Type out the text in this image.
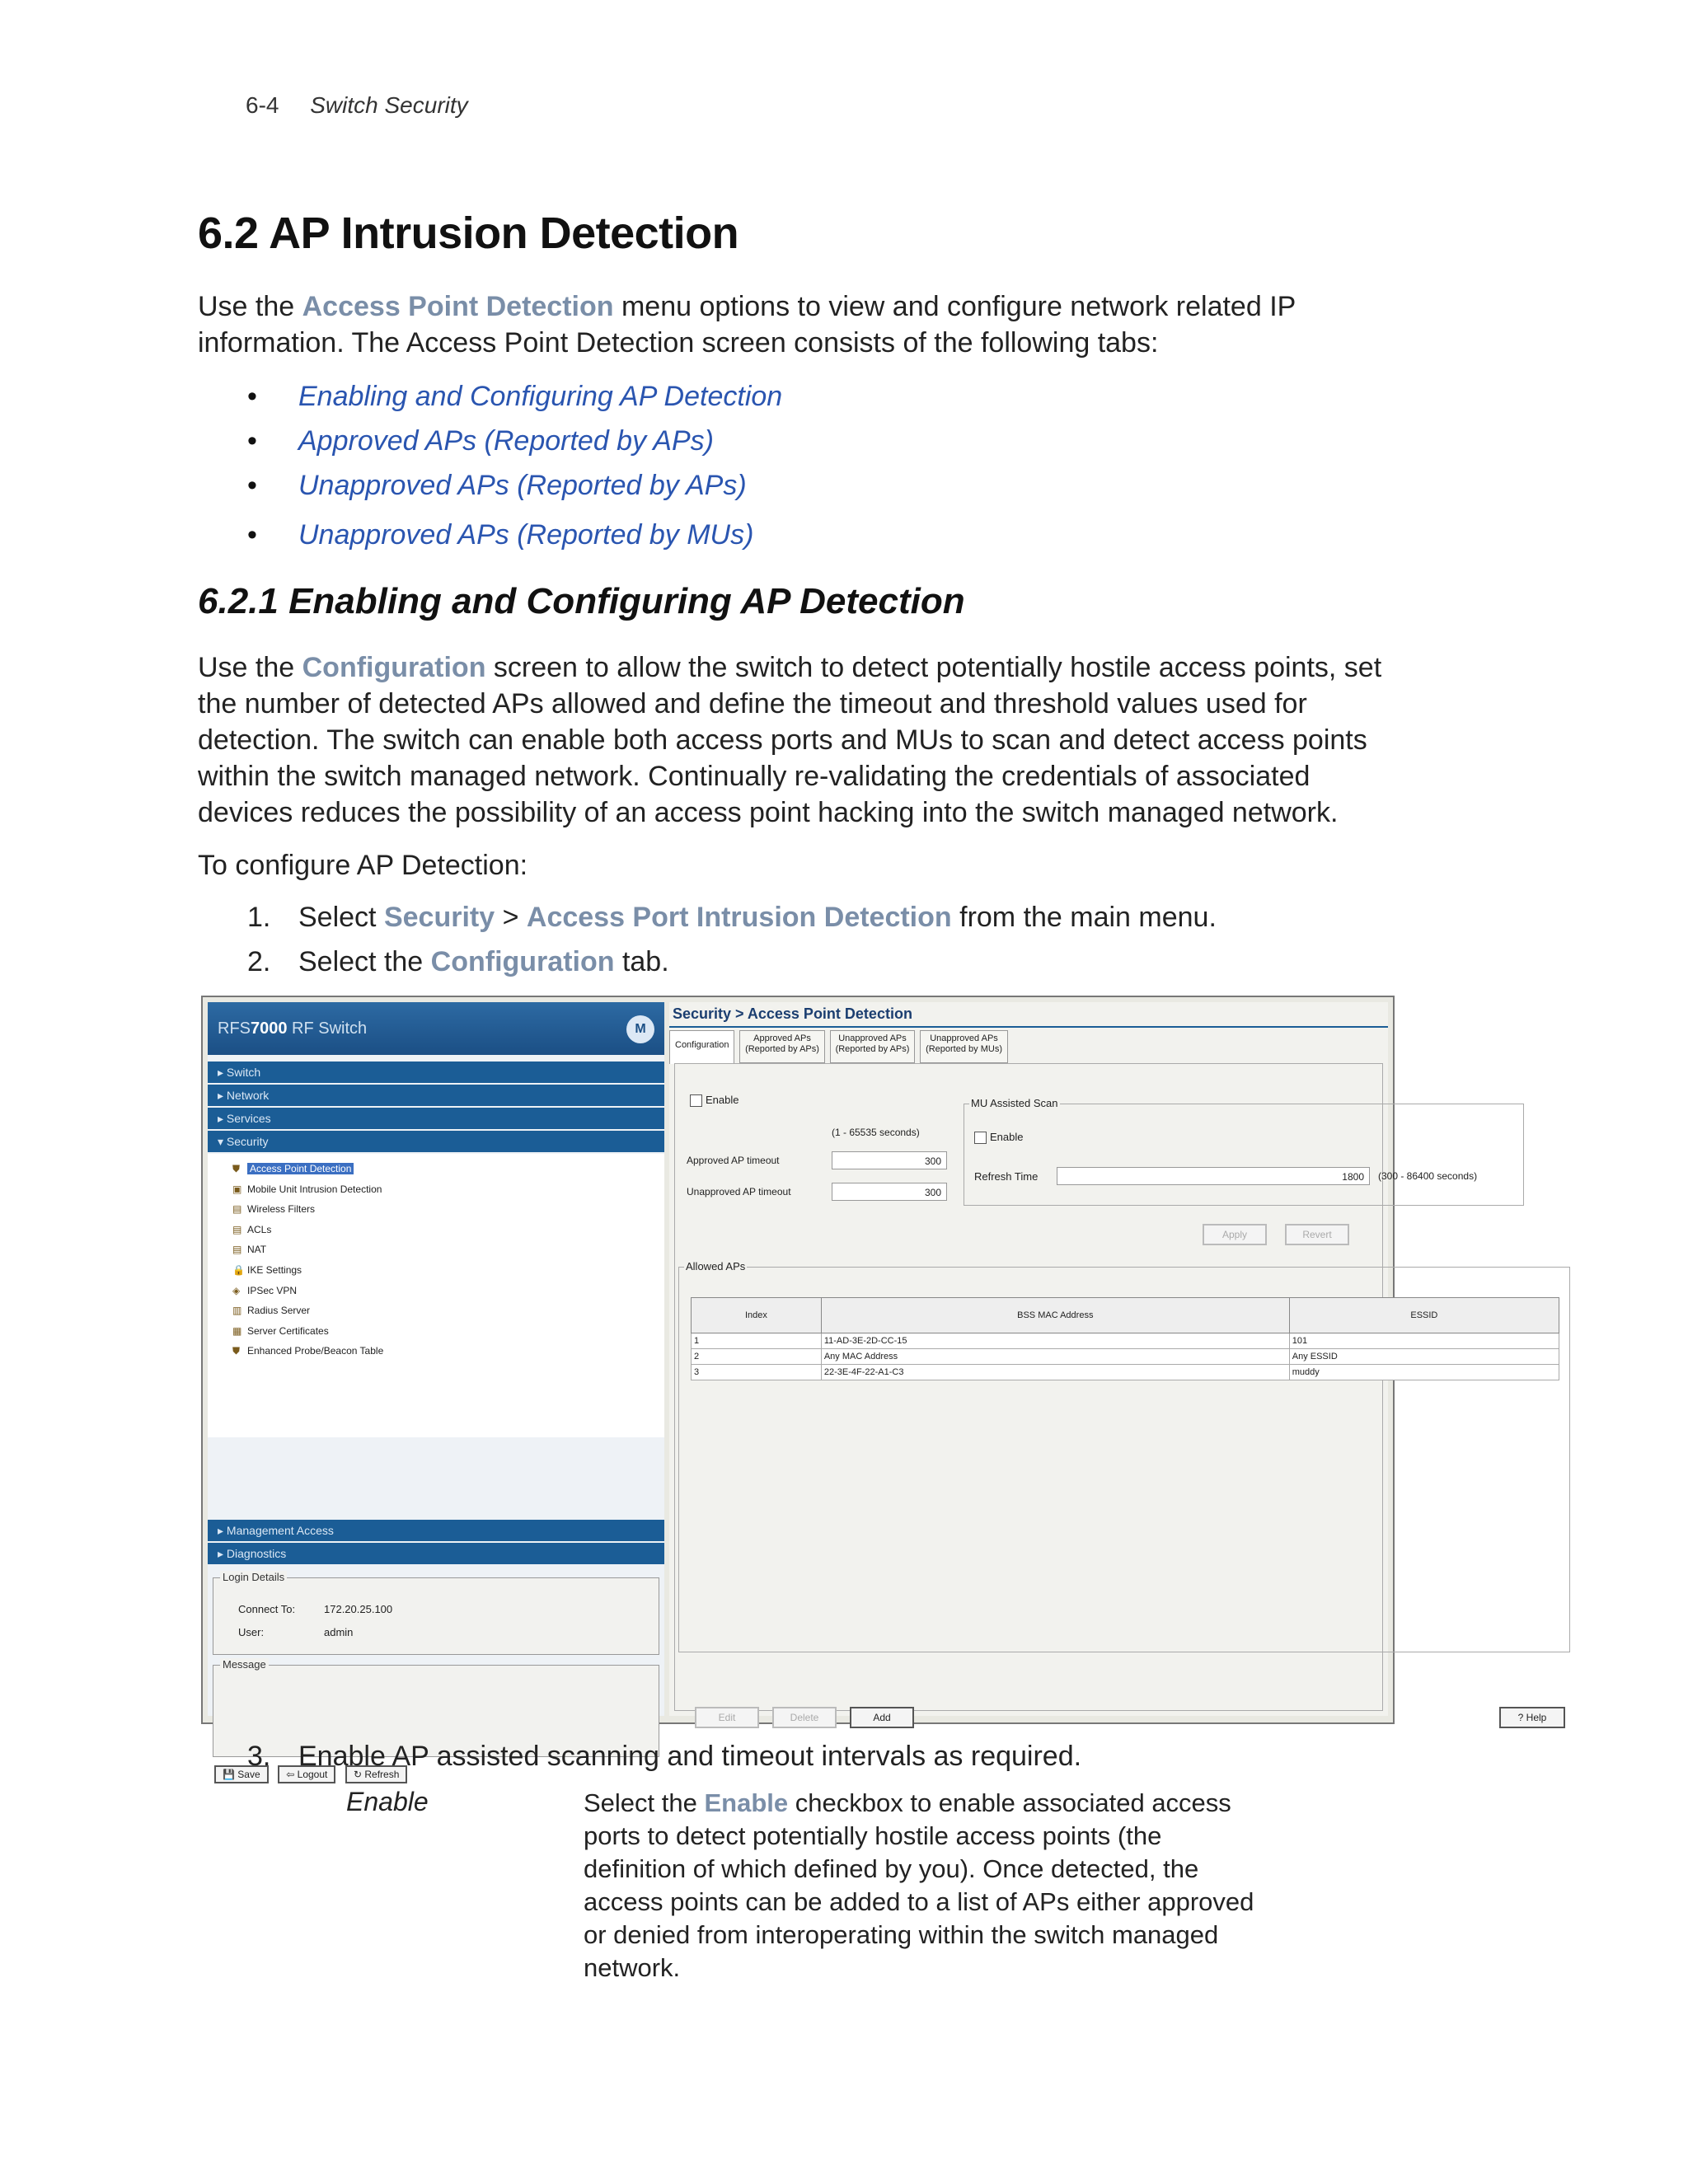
6-4 Switch Security
6.2 AP Intrusion Detection
Use the Access Point Detection menu options to view and configure network related IP information. The Access Point Detection screen consists of the following tabs:
• Enabling and Configuring AP Detection
• Approved APs (Reported by APs)
• Unapproved APs (Reported by APs)
• Unapproved APs (Reported by MUs)
6.2.1 Enabling and Configuring AP Detection
Use the Configuration screen to allow the switch to detect potentially hostile access points, set the number of detected APs allowed and define the timeout and threshold values used for detection. The switch can enable both access ports and MUs to scan and detect access points within the switch managed network. Continually re-validating the credentials of associated devices reduces the possibility of an access point hacking into the switch managed network.
To configure AP Detection:
1. Select Security > Access Port Intrusion Detection from the main menu.
2. Select the Configuration tab.
RFS7000 RF Switch	M
▸ Switch
▸ Network
▸ Services
▾ Security
⛊ Access Point Detection
▣ Mobile Unit Intrusion Detection
▤ Wireless Filters
▤ ACLs
▤ NAT
🔒 IKE Settings
◈ IPSec VPN
▥ Radius Server
▦ Server Certificates
⛊ Enhanced Probe/Beacon Table
▸ Management Access
▸ Diagnostics
Login Details
Connect To:	172.20.25.100
User:	admin
Message
💾 Save	⇦ Logout	↻ Refresh
Security > Access Point Detection
Configuration

Approved APs
(Reported by APs)

Unapproved APs
(Reported by APs)

Unapproved APs
(Reported by MUs)
Enable
(1 - 65535 seconds)
Approved AP timeout	300
Unapproved AP timeout	300
MU Assisted Scan
Enable
Refresh Time	1800	(300 - 86400 seconds)
Apply	Revert
Allowed APs
Edit	Delete	Add	? Help
Index	BSS MAC Address	ESSID
1	11-AD-3E-2D-CC-15	101
2	Any MAC Address	Any ESSID
3	22-3E-4F-22-A1-C3	muddy
3. Enable AP assisted scanning and timeout intervals as required.
Enable	Select the Enable checkbox to enable associated access ports to detect potentially hostile access points (the definition of which defined by you). Once detected, the access points can be added to a list of APs either approved or denied from interoperating within the switch managed network.
